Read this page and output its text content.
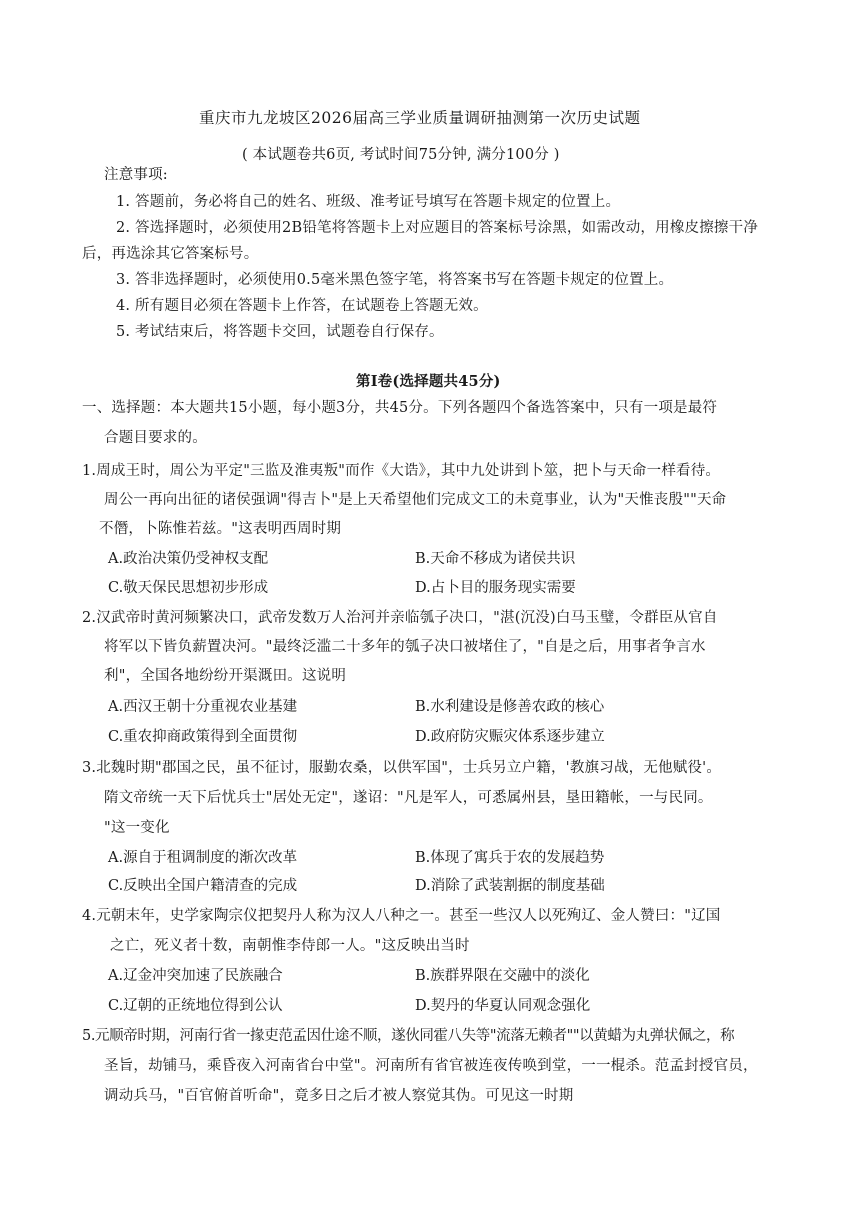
重庆市九龙坡区2026届高三学业质量调研抽测第一次历史试题
( 本试题卷共6页, 考试时间75分钟, 满分100分 )
注意事项:
1. 答题前，务必将自己的姓名、班级、准考证号填写在答题卡规定的位置上。
2. 答选择题时，必须使用2B铅笔将答题卡上对应题目的答案标号涂黑，如需改动，用橡皮擦擦干净
后，再选涂其它答案标号。
3. 答非选择题时，必须使用0.5毫米黑色签字笔，将答案书写在答题卡规定的位置上。
4. 所有题目必须在答题卡上作答，在试题卷上答题无效。
5. 考试结束后，将答题卡交回，试题卷自行保存。
第Ⅰ卷(选择题共45分)
一、选择题：本大题共15小题，每小题3分，共45分。下列各题四个备选答案中，只有一项是最符
合题目要求的。
1.周成王时，周公为平定"三监及淮夷叛"而作《大诰》，其中九处讲到卜筮，把卜与天命一样看待。
周公一再向出征的诸侯强调"得吉卜"是上天希望他们完成文工的未竟事业，认为"天惟丧殷""天命
不僭，卜陈惟若兹。"这表明西周时期
A.政治决策仍受神权支配	B.天命不移成为诸侯共识
C.敬天保民思想初步形成	D.占卜目的服务现实需要
2.汉武帝时黄河频繁决口，武帝发数万人治河并亲临瓠子决口，"湛(沉没)白马玉璧，令群臣从官自
将军以下皆负薪置决河。"最终泛滥二十多年的瓠子决口被堵住了，"自是之后，用事者争言水
利"，全国各地纷纷开渠溉田。这说明
A.西汉王朝十分重视农业基建	B.水利建设是修善农政的核心
C.重农抑商政策得到全面贯彻	D.政府防灾赈灾体系逐步建立
3.北魏时期"郡国之民，虽不征讨，服勤农桑，以供军国"，士兵另立户籍，'教旗习战，无他赋役'。
隋文帝统一天下后忧兵士"居处无定"，遂诏："凡是军人，可悉属州县，垦田籍帐，一与民同。
"这一变化
A.源自于租调制度的渐次改革	B.体现了寓兵于农的发展趋势
C.反映出全国户籍清查的完成	D.消除了武装割据的制度基础
4.元朝末年，史学家陶宗仪把契丹人称为汉人八种之一。甚至一些汉人以死殉辽、金人赞曰："辽国
之亡，死义者十数，南朝惟李侍郎一人。"这反映出当时
A.辽金冲突加速了民族融合	B.族群界限在交融中的淡化
C.辽朝的正统地位得到公认	D.契丹的华夏认同观念强化
5.元顺帝时期，河南行省一掾吏范孟因仕途不顺，遂伙同霍八失等"流落无赖者""以黄蜡为丸弹状佩之，称
圣旨，劫铺马，乘昏夜入河南省台中堂"。河南所有省官被连夜传唤到堂，一一棍杀。范孟封授官员，
调动兵马，"百官俯首听命"，竟多日之后才被人察觉其伪。可见这一时期
